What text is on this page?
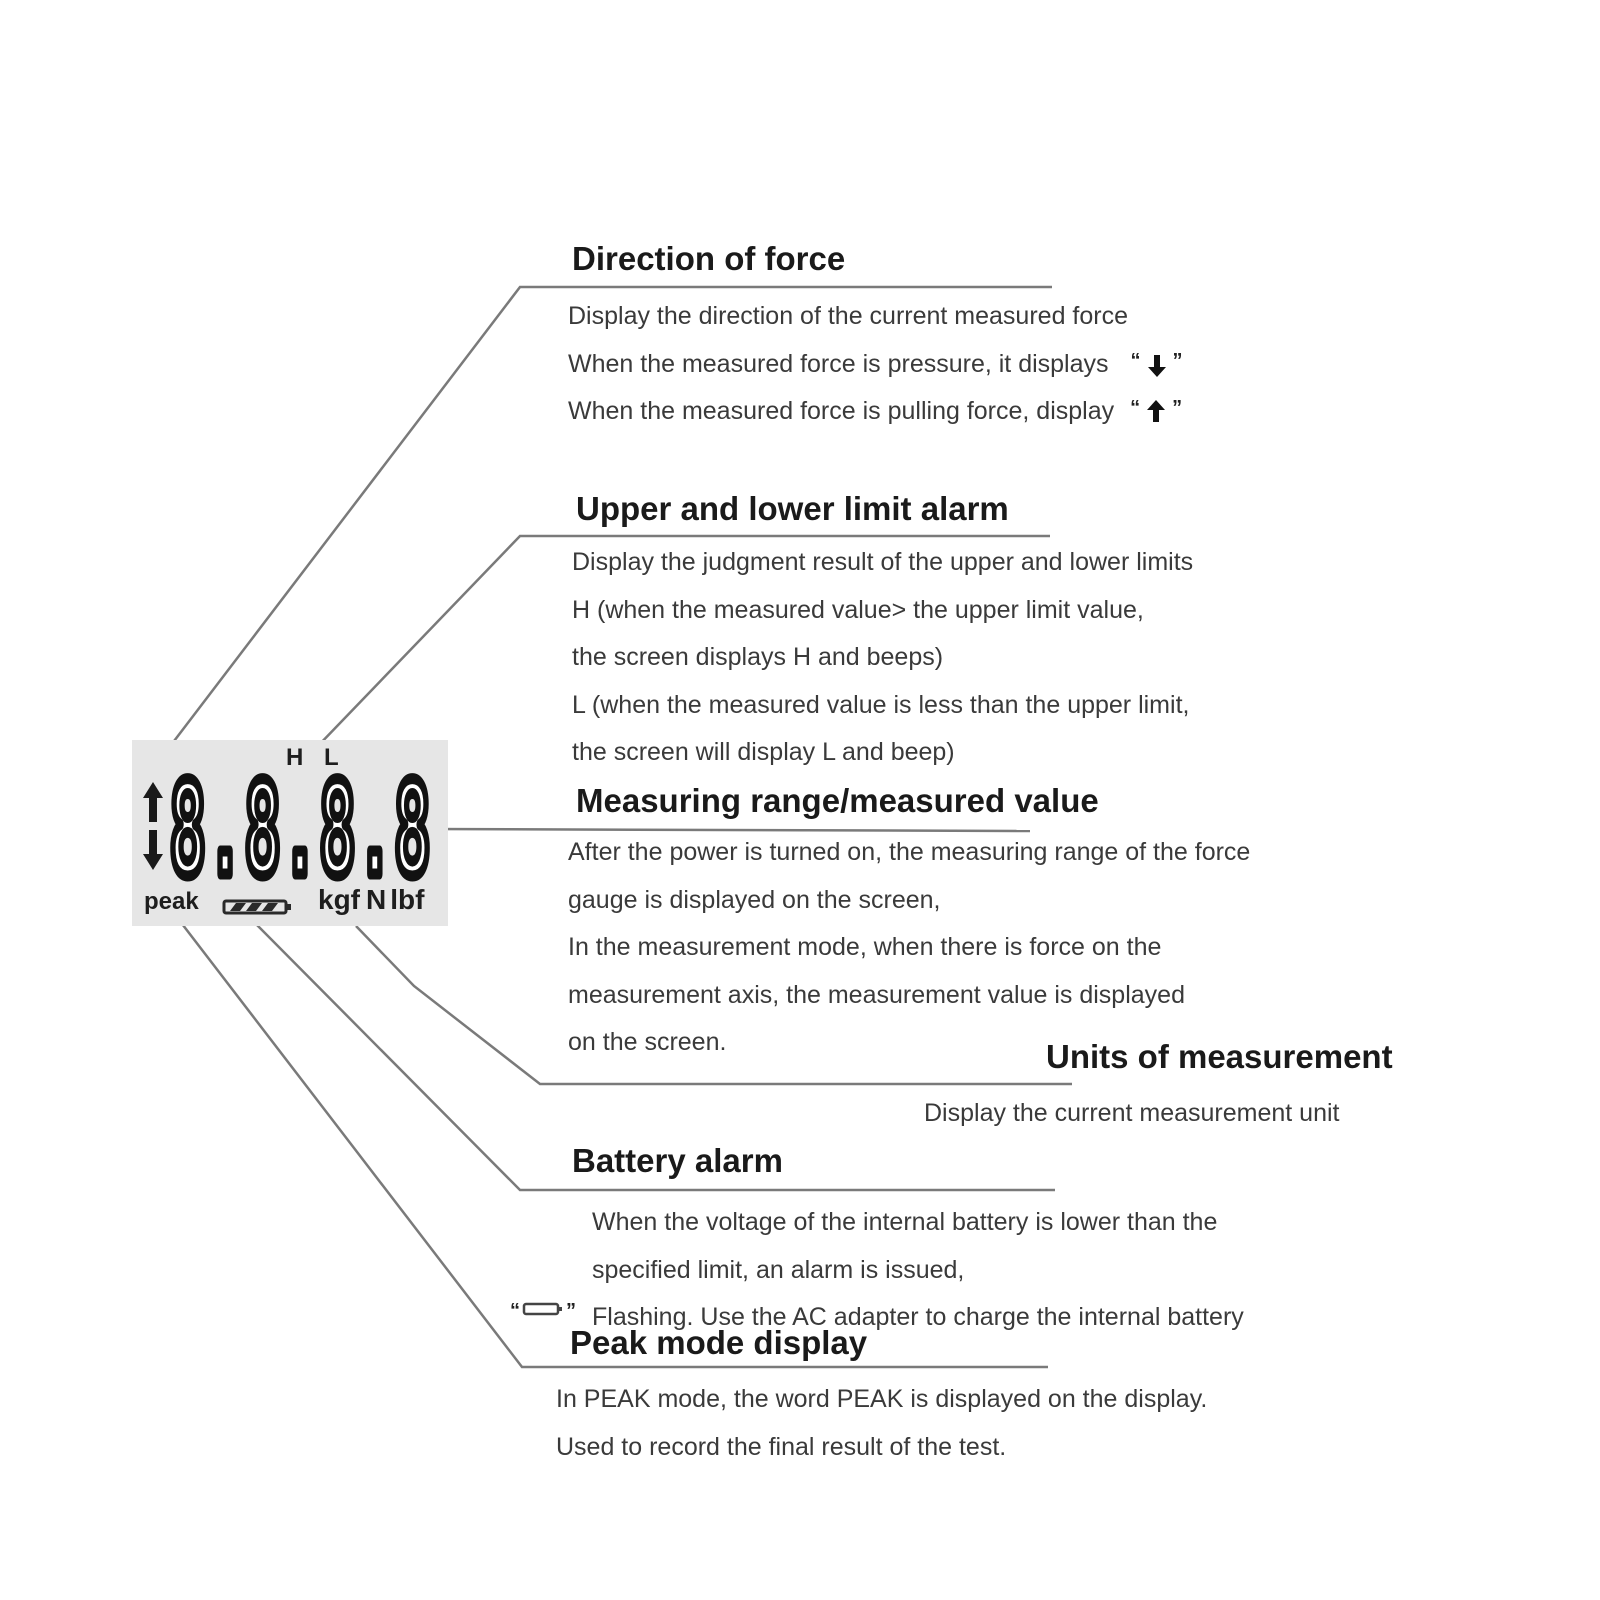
H L
8.8.8.8
peak	kgf N lbf
Direction of force
Display the direction of the current measured force
When the measured force is pressure, it displays “ ”
When the measured force is pulling force, display “ ”
Upper and lower limit alarm
Display the judgment result of the upper and lower limits
H (when the measured value> the upper limit value,
the screen displays H and beeps)
L (when the measured value is less than the upper limit,
the screen will display L and beep)
Measuring range/measured value
After the power is turned on, the measuring range of the force
gauge is displayed on the screen,
In the measurement mode, when there is force on the
measurement axis, the measurement value is displayed
on the screen.	Units of measurement
Display the current measurement unit
Battery alarm
When the voltage of the internal battery is lower than the
specified limit, an alarm is issued,
“ ” Flashing. Use the AC adapter to charge the internal battery
Peak mode display
In PEAK mode, the word PEAK is displayed on the display.
Used to record the final result of the test.
